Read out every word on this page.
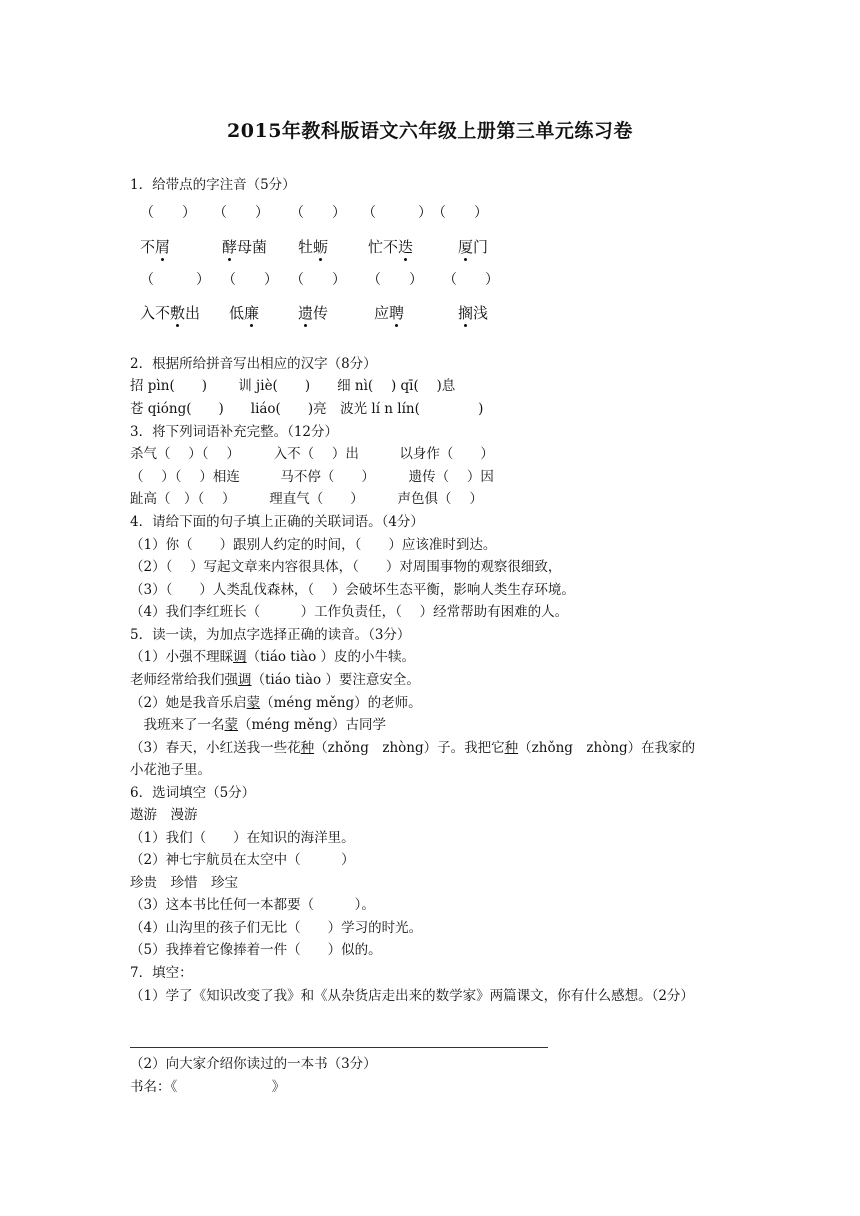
2015年教科版语文六年级上册第三单元练习卷
1．给带点的字注音（5分）
（　　） （　　） （　　） （　　　） （　　）
不屑	酵母菌 牡蛎	忙不迭	厦门
（　　　） （　　） （　　） （　　） （　　）
入不敷出 低廉	遗传	应聘	搁浅
2．根据所给拼音写出相应的汉字（8分）
招 pìn(　　)　　 训 jiè(　　)　　细 nì(　 ) qī(　 )息
苍 qióng(　　)　　liáo(　　)亮　波光 lí n lín(　　　　 )
3．将下列词语补充完整。（12分）
杀气（　 ）（　 ）　　　入不（　 ）出　　　以身作（　　）
（　 ）（　 ）相连　　　马不停（　　）　　　遗传（　 ）因
趾高（　）（　 ）　　　理直气（　　）　　　声色俱（　 ）
4．请给下面的句子填上正确的关联词语。（4分）
（1）你（　　）跟别人约定的时间，（　　）应该准时到达。
（2）（　 ）写起文章来内容很具体，（　　）对周围事物的观察很细致，
（3）（　　）人类乱伐森林，（　 ）会破坏生态平衡，影响人类生存环境。
（4）我们李红班长（　　　）工作负责任，（　 ）经常帮助有困难的人。
5．读一读，为加点字选择正确的读音。（3分）
（1）小强不理睬调（tiáo tiào ）皮的小牛犊。
老师经常给我们强调（tiáo tiào ）要注意安全。
（2）她是我音乐启蒙（méng měng）的老师。
　我班来了一名蒙（méng měng）古同学
（3）春天，小红送我一些花种（zhǒng　zhòng）子。我把它种（zhǒng　zhòng）在我家的
小花池子里。
6．选词填空（5分）
遨游　漫游
（1）我们（　　）在知识的海洋里。
（2）神七宇航员在太空中（　　　）
珍贵　珍惜　珍宝
（3）这本书比任何一本都要（　　　）。
（4）山沟里的孩子们无比（　　）学习的时光。
（5）我捧着它像捧着一件（　　）似的。
7．填空：
（1）学了《知识改变了我》和《从杂货店走出来的数学家》两篇课文，你有什么感想。（2分）
（2）向大家介绍你读过的一本书（3分）
书名：《　　　　　　　》
